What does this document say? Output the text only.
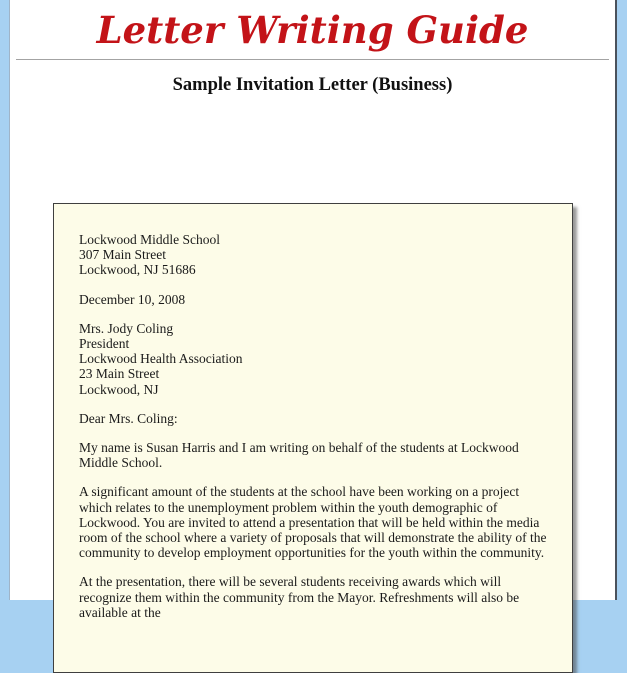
Letter Writing Guide
Sample Invitation Letter (Business)
Lockwood Middle School
307 Main Street
Lockwood, NJ 51686
December 10, 2008
Mrs. Jody Coling
President
Lockwood Health Association
23 Main Street
Lockwood, NJ
Dear Mrs. Coling:

My name is Susan Harris and I am writing on behalf of the students at Lockwood Middle School.

A significant amount of the students at the school have been working on a project which relates to the unemployment problem within the youth demographic of Lockwood. You are invited to attend a presentation that will be held within the media room of the school where a variety of proposals that will demonstrate the ability of the community to develop employment opportunities for the youth within the community.

At the presentation, there will be several students receiving awards which will recognize them within the community from the Mayor. Refreshments will also be available at the
